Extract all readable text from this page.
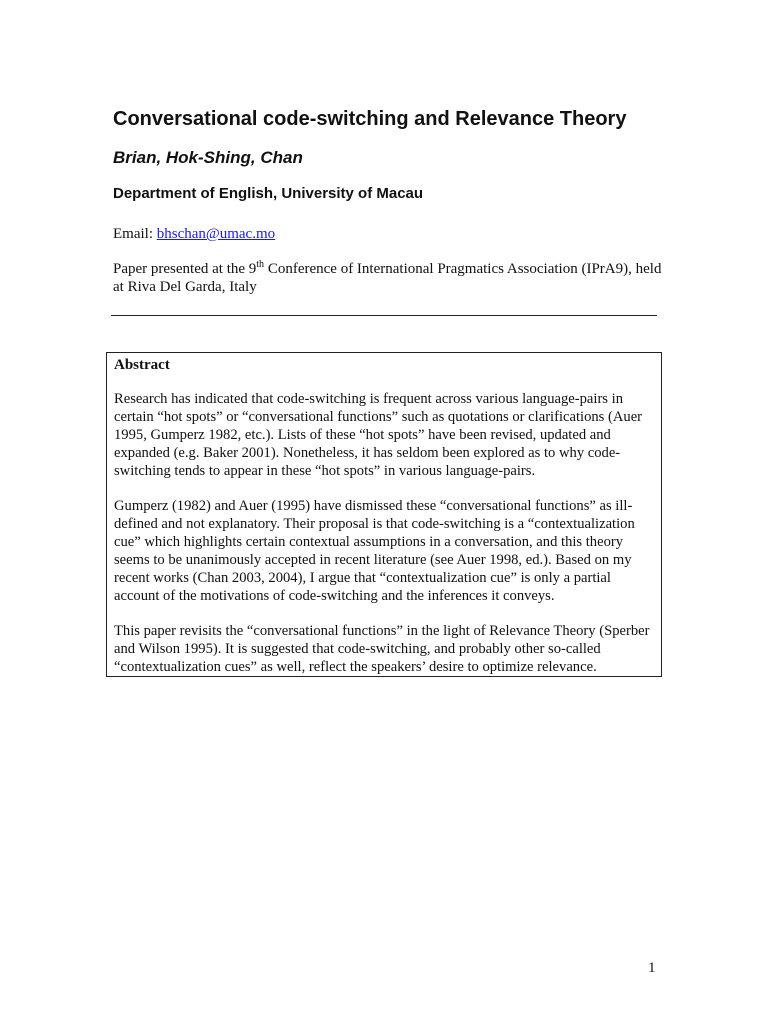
Conversational code-switching and Relevance Theory

Brian, Hok-Shing, Chan

Department of English, University of Macau

Email: bhschan@umac.mo

Paper presented at the 9th Conference of International Pragmatics Association (IPrA9), held at Riva Del Garda, Italy

Abstract

Research has indicated that code-switching is frequent across various language-pairs in certain “hot spots” or “conversational functions” such as quotations or clarifications (Auer 1995, Gumperz 1982, etc.). Lists of these “hot spots” have been revised, updated and expanded (e.g. Baker 2001). Nonetheless, it has seldom been explored as to why code-switching tends to appear in these “hot spots” in various language-pairs.

Gumperz (1982) and Auer (1995) have dismissed these “conversational functions” as ill-defined and not explanatory. Their proposal is that code-switching is a “contextualization cue” which highlights certain contextual assumptions in a conversation, and this theory seems to be unanimously accepted in recent literature (see Auer 1998, ed.). Based on my recent works (Chan 2003, 2004), I argue that “contextualization cue” is only a partial account of the motivations of code-switching and the inferences it conveys.

This paper revisits the “conversational functions” in the light of Relevance Theory (Sperber and Wilson 1995). It is suggested that code-switching, and probably other so-called “contextualization cues” as well, reflect the speakers’ desire to optimize relevance.

1
